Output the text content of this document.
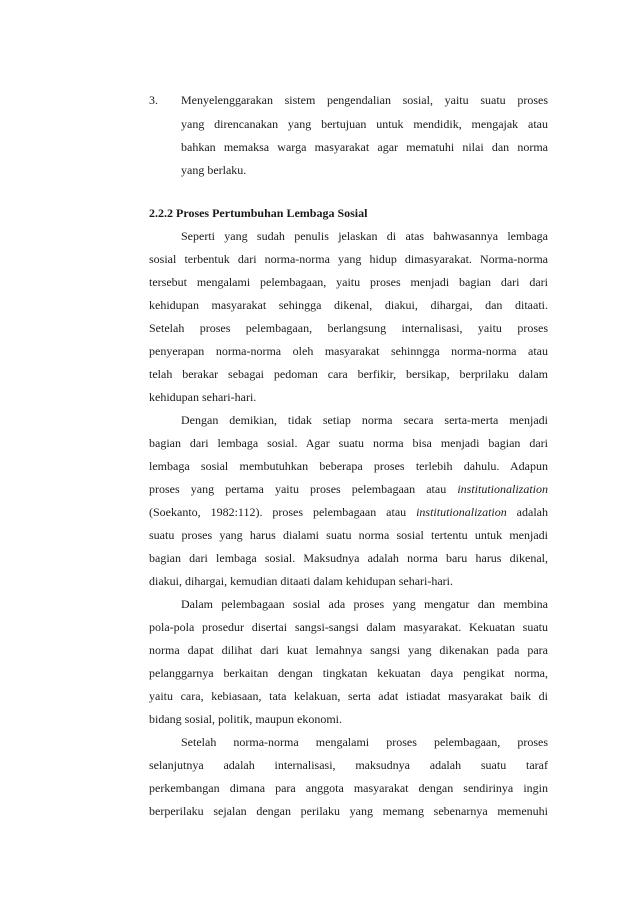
3. Menyelenggarakan sistem pengendalian sosial, yaitu suatu proses
yang direncanakan yang bertujuan untuk mendidik, mengajak atau
bahkan memaksa warga masyarakat agar mematuhi nilai dan norma
yang berlaku.
2.2.2 Proses Pertumbuhan Lembaga Sosial
Seperti yang sudah penulis jelaskan di atas bahwasannya lembaga
sosial terbentuk dari norma-norma yang hidup dimasyarakat. Norma-norma
tersebut mengalami pelembagaan, yaitu proses menjadi bagian dari dari
kehidupan masyarakat sehingga dikenal, diakui, dihargai, dan ditaati.
Setelah proses pelembagaan, berlangsung internalisasi, yaitu proses
penyerapan norma-norma oleh masyarakat sehinngga norma-norma atau
telah berakar sebagai pedoman cara berfikir, bersikap, berprilaku dalam
kehidupan sehari-hari.
Dengan demikian, tidak setiap norma secara serta-merta menjadi
bagian dari lembaga sosial. Agar suatu norma bisa menjadi bagian dari
lembaga sosial membutuhkan beberapa proses terlebih dahulu. Adapun
proses yang pertama yaitu proses pelembagaan atau institutionalization
(Soekanto, 1982:112). proses pelembagaan atau institutionalization adalah
suatu proses yang harus dialami suatu norma sosial tertentu untuk menjadi
bagian dari lembaga sosial. Maksudnya adalah norma baru harus dikenal,
diakui, dihargai, kemudian ditaati dalam kehidupan sehari-hari.
Dalam pelembagaan sosial ada proses yang mengatur dan membina
pola-pola prosedur disertai sangsi-sangsi dalam masyarakat. Kekuatan suatu
norma dapat dilihat dari kuat lemahnya sangsi yang dikenakan pada para
pelanggarnya berkaitan dengan tingkatan kekuatan daya pengikat norma,
yaitu cara, kebiasaan, tata kelakuan, serta adat istiadat masyarakat baik di
bidang sosial, politik, maupun ekonomi.
Setelah norma-norma mengalami proses pelembagaan, proses
selanjutnya adalah internalisasi, maksudnya adalah suatu taraf
perkembangan dimana para anggota masyarakat dengan sendirinya ingin
berperilaku sejalan dengan perilaku yang memang sebenarnya memenuhi
